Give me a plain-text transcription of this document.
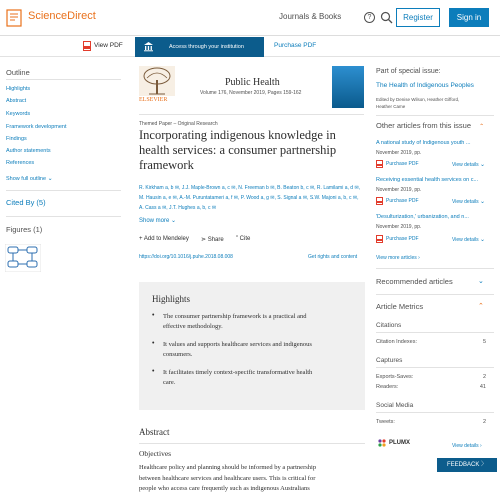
ScienceDirect	Journals & Books	?	Register	Sign in
View PDF	Access through your institution	Purchase PDF
Outline
Highlights
Abstract
Keywords
Framework development
Findings
Author statements
References
Show full outline ⌄
Cited By (5)
Figures (1)
ELSEVIER
Public Health
Volume 176, November 2019, Pages 159-162
Themed Paper – Original Research
Incorporating indigenous knowledge in health services: a consumer partnership framework
R. Kirkham a, b ✉, J.J. Maple-Brown a, c ✉, N. Freeman b ✉, B. Beaton b, c ✉, R. Lamilami a, d ✉,
M. Hausin a, e ✉, A.-M. Puruntatameri a, f ✉, P. Wood a, g ✉, S. Signal a ✉, S.W. Majoni a, b, c ✉,
A. Cass a ✉, J.T. Hughes a, b, c ✉
Show more ⌄
+ Add to Mendeley ⋗ Share ” Cite
https://doi.org/10.1016/j.puhe.2018.08.008	Get rights and content
Highlights
• The consumer partnership framework is a practical and
effective methodology.
• It values and supports healthcare services and indigenous
consumers.
• It facilitates timely context-specific transformative health
care.
Abstract
Objectives
Healthcare policy and planning should be informed by a partnership
between healthcare services and healthcare users. This is critical for
people who access care frequently such as indigenous Australians
Part of special issue:
The Health of Indigenous Peoples
Edited by Denise Wilson, Heather Gifford,
Heather Came
Other articles from this issue ⌃
A national study of Indigenous youth ...
November 2019, pp.
Purchase PDF	View details ⌄
Receiving essential health services on c...
November 2019, pp.
Purchase PDF	View details ⌄
'Desulturization,' urbanization, and n...
November 2019, pp.
Purchase PDF	View details ⌄
View more articles ›
Recommended articles	⌄
Article Metrics	⌃
Citations
Citation Indexes:	5
Captures
Exports-Saves:	2
Readers:	41
Social Media
Tweets:	2
PLUMX	View details ›
FEEDBACK 〉
